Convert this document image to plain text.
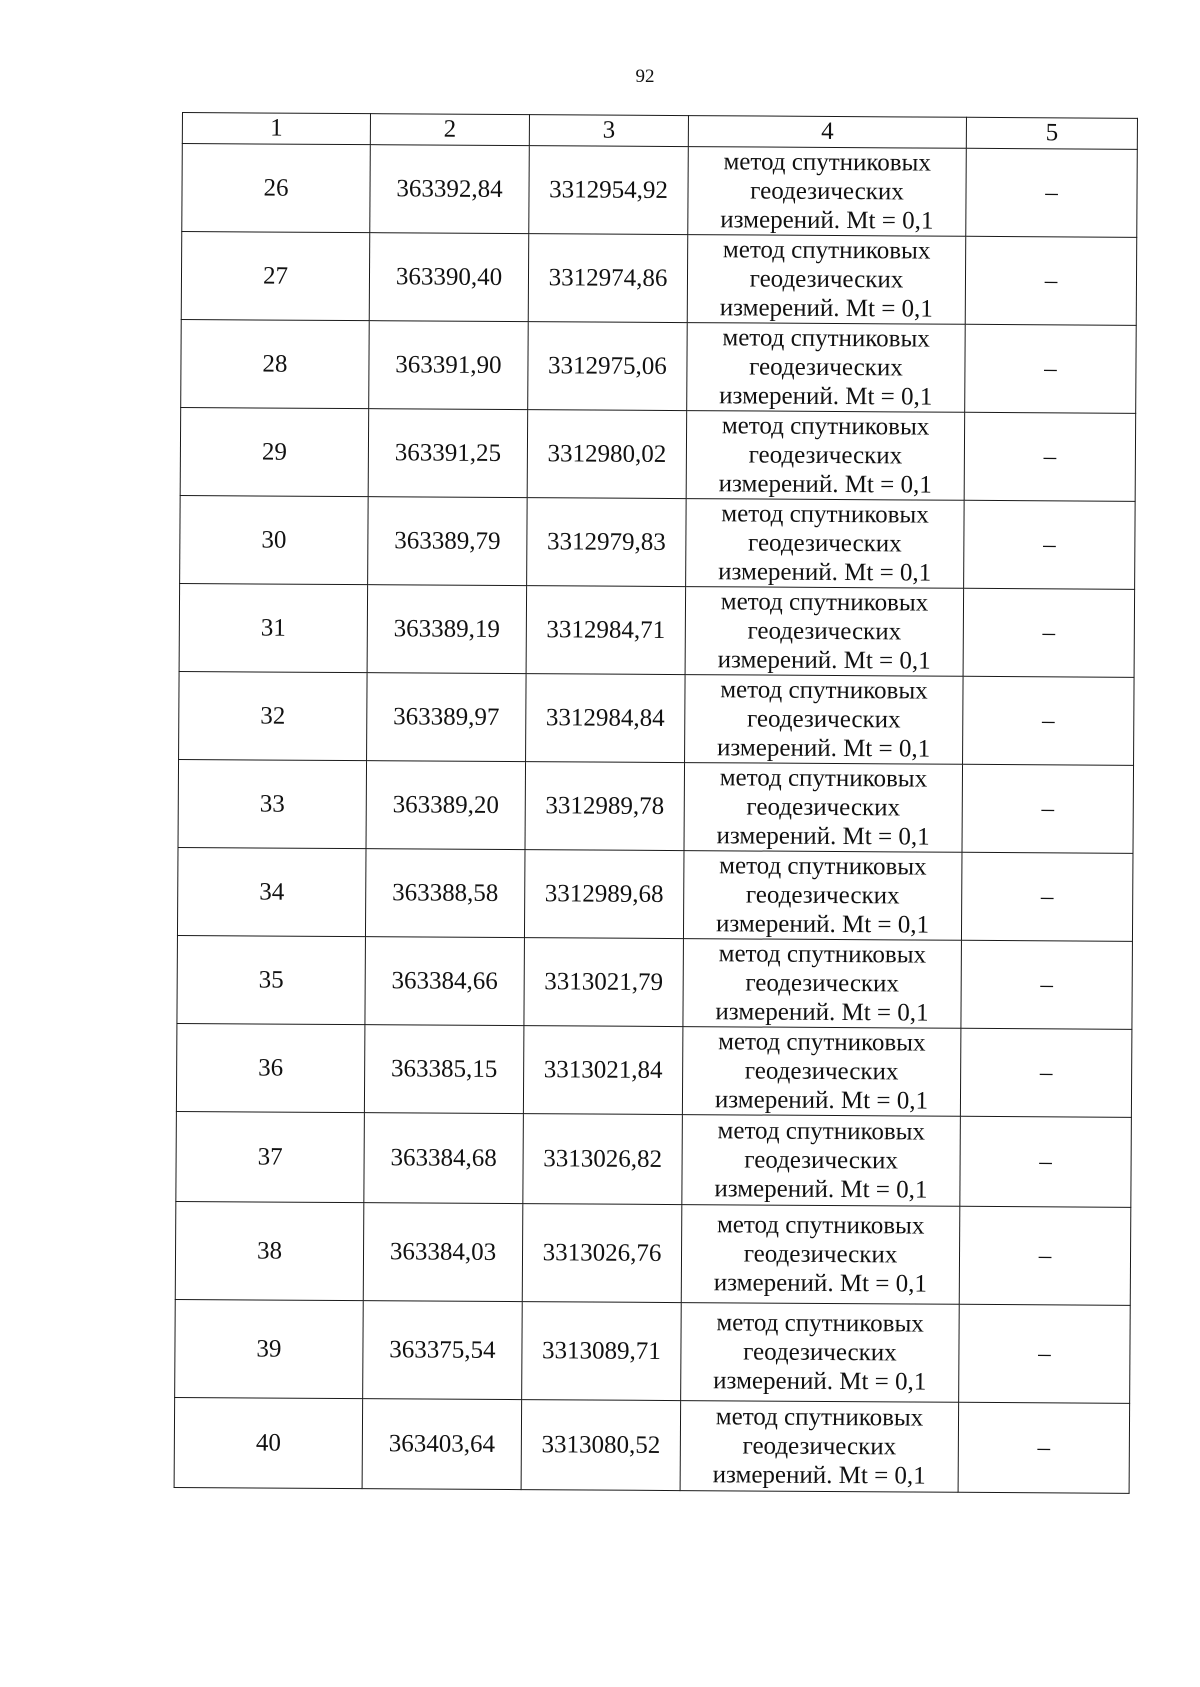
92
1	2	3	4	5
26	363392,84	3312954,92	метод спутниковых геодезических измерений. Mt = 0,1	–
27	363390,40	3312974,86	метод спутниковых геодезических измерений. Mt = 0,1	–
28	363391,90	3312975,06	метод спутниковых геодезических измерений. Mt = 0,1	–
29	363391,25	3312980,02	метод спутниковых геодезических измерений. Mt = 0,1	–
30	363389,79	3312979,83	метод спутниковых геодезических измерений. Mt = 0,1	–
31	363389,19	3312984,71	метод спутниковых геодезических измерений. Mt = 0,1	–
32	363389,97	3312984,84	метод спутниковых геодезических измерений. Mt = 0,1	–
33	363389,20	3312989,78	метод спутниковых геодезических измерений. Mt = 0,1	–
34	363388,58	3312989,68	метод спутниковых геодезических измерений. Mt = 0,1	–
35	363384,66	3313021,79	метод спутниковых геодезических измерений. Mt = 0,1	–
36	363385,15	3313021,84	метод спутниковых геодезических измерений. Mt = 0,1	–
37	363384,68	3313026,82	метод спутниковых геодезических измерений. Mt = 0,1	–
38	363384,03	3313026,76	метод спутниковых геодезических измерений. Mt = 0,1	–
39	363375,54	3313089,71	метод спутниковых геодезических измерений. Mt = 0,1	–
40	363403,64	3313080,52	метод спутниковых геодезических измерений. Mt = 0,1	–
